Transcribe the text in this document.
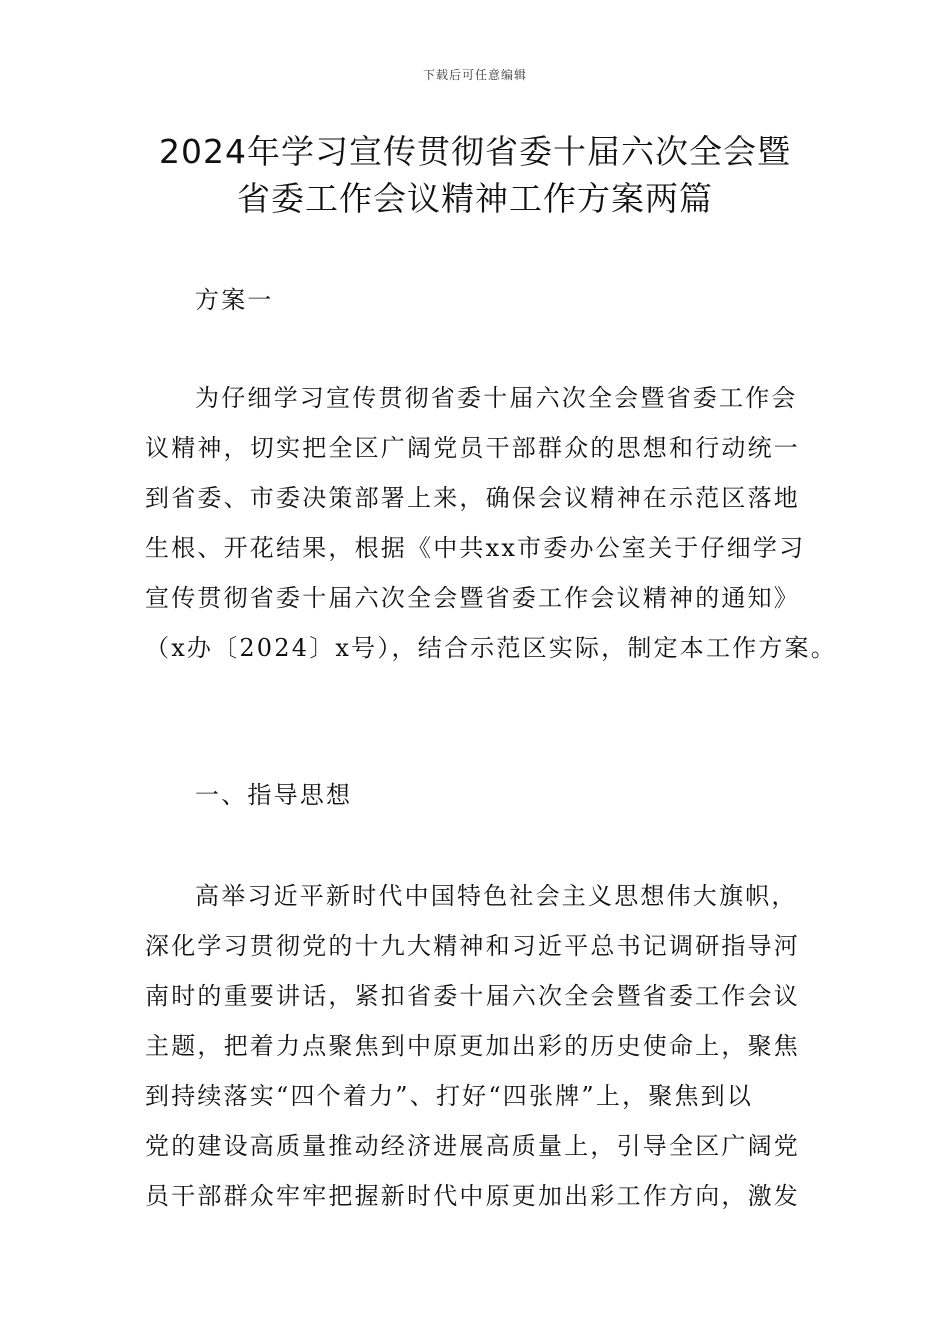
下载后可任意编辑
2024年学习宣传贯彻省委十届六次全会暨
省委工作会议精神工作方案两篇
方案一
为仔细学习宣传贯彻省委十届六次全会暨省委工作会
议精神，切实把全区广阔党员干部群众的思想和行动统一
到省委、市委决策部署上来，确保会议精神在示范区落地
生根、开花结果，根据《中共xx市委办公室关于仔细学习
宣传贯彻省委十届六次全会暨省委工作会议精神的通知》
（x办〔2024〕x号），结合示范区实际，制定本工作方案。
一、指导思想
高举习近平新时代中国特色社会主义思想伟大旗帜，
深化学习贯彻党的十九大精神和习近平总书记调研指导河
南时的重要讲话，紧扣省委十届六次全会暨省委工作会议
主题，把着力点聚焦到中原更加出彩的历史使命上，聚焦
到持续落实“四个着力”、打好“四张牌”上，聚焦到以
党的建设高质量推动经济进展高质量上，引导全区广阔党
员干部群众牢牢把握新时代中原更加出彩工作方向，激发
